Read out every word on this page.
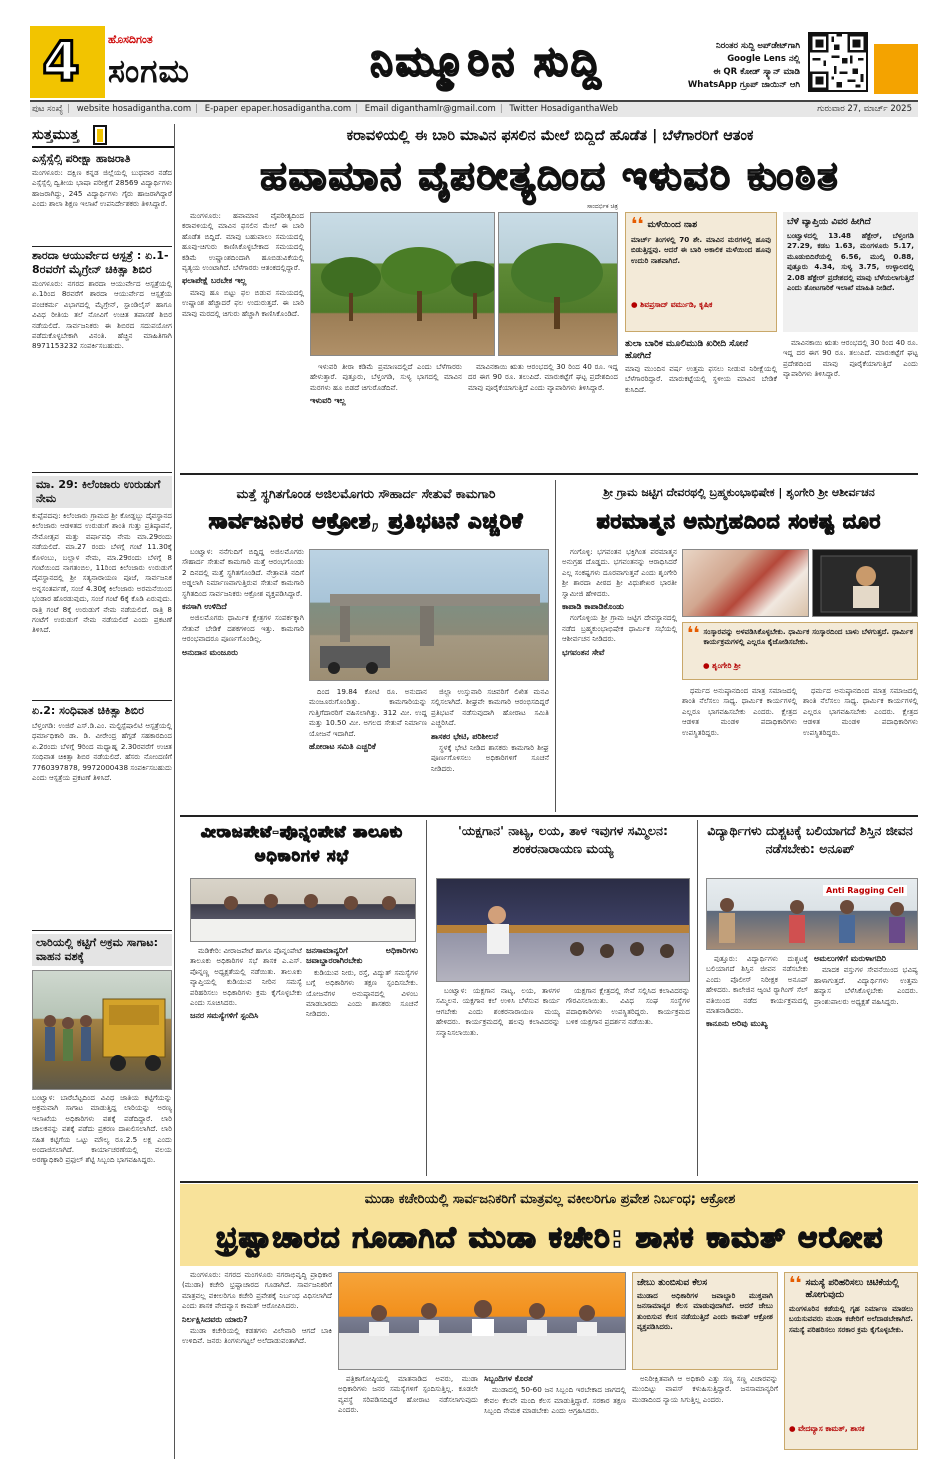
4	ಹೊಸದಿಗಂತ
ಸಂಗಮ	ನಿಮ್ಮೂರಿನ ಸುದ್ದಿ	ನಿರಂತರ ಸುದ್ದಿ ಅಪ್‌ಡೇಟ್‌ಗಾಗಿ
Google Lens ನಲ್ಲಿ
ಈ QR ಕೋಡ್ ಸ್ಕ್ಯಾನ್ ಮಾಡಿ
WhatsApp ಗ್ರೂಪ್ ಜಾಯಿನ್ ಆಗಿ
ಪುಟ ಸಂಖ್ಯೆ | website hosadigantha.com | E-paper epaper.hosadigantha.com | Email diganthamlr@gmail.com | Twitter HosadiganthaWeb	ಗುರುವಾರ 27, ಮಾರ್ಚ್ 2025
ಸುತ್ತಮುತ್ತ
ಎಸ್ಸೆಸ್ಸೆಲ್ಸಿ ಪರೀಕ್ಷಾ ಹಾಜರಾತಿ
ಮಂಗಳೂರು: ದಕ್ಷಿಣ ಕನ್ನಡ ಜಿಲ್ಲೆಯಲ್ಲಿ ಬುಧವಾರ ನಡೆದ ಎಸ್ಸೆಸ್ಸೆಲ್ಸಿ ದ್ವಿತೀಯ ಭಾಷಾ ಪರೀಕ್ಷೆಗೆ 28569 ವಿದ್ಯಾರ್ಥಿಗಳು ಹಾಜರಾಗಿದ್ದು, 245 ವಿದ್ಯಾರ್ಥಿಗಳು ಗೈರು ಹಾಜರಾಗಿದ್ದಾರೆ ಎಂದು ಶಾಲಾ ಶಿಕ್ಷಣ ಇಲಾಖೆ ಉಪನಿರ್ದೇಶಕರು ತಿಳಿಸಿದ್ದಾರೆ.
ಶಾರದಾ ಆಯುರ್ವೇದ ಆಸ್ಪತ್ರೆ : ಏ.1-8ರವರೆಗೆ ಮೈಗ್ರೇನ್ ಚಿಕಿತ್ಸಾ ಶಿಬಿರ
ಮಂಗಳೂರು: ನಗರದ ಶಾರದಾ ಆಯುರ್ವೇದ ಆಸ್ಪತ್ರೆಯಲ್ಲಿ ಏ.1ರಿಂದ 8ರವರೆಗೆ ಶಾರದಾ ಆಯುರ್ವೇದ ಆಸ್ಪತ್ರೆಯ ಪಂಚಕರ್ಮ ವಿಭಾಗದಲ್ಲಿ ಮೈಗ್ರೇನ್, ಸ್ಪಾಂಡಿಲೈಸ್ ಹಾಗೂ ವಿವಿಧ ರೀತಿಯ ತಲೆ ನೋವಿಗೆ ಉಚಿತ ತಪಾಸಣೆ ಶಿಬಿರ ನಡೆಯಲಿದೆ. ಸಾರ್ವಜನಿಕರು ಈ ಶಿಬಿರದ ಸದುಪಯೋಗ ಪಡೆದುಕೊಳ್ಳಬೇಕಾಗಿ ವಿನಂತಿ. ಹೆಚ್ಚಿನ ಮಾಹಿತಿಗಾಗಿ 8971153232 ಸಂಪರ್ಕಿಸಬಹುದು.
ಮಾ. 29: ಕಿಲೆಂಜಾರು ಉರುಡುಗೆ ನೇಮ
ಕುಪ್ಪೆಪದವು: ಕಿಲೆಂಜಾರು ಗ್ರಾಮದ ಶ್ರೀ ಕೋಡ್ದಬ್ಬು ದೈವಸ್ಥಾನದ ಕಿಲೆಂಜಾರು ಆಡಳಿತದ ಉರುಡುಗೆ ಶಾಂತಿ ಗುತ್ತು ಪ್ರತಿಷ್ಠಾಪನೆ, ನೇಮೋತ್ಸವ ಮತ್ತು ವರ್ಷಾವಧಿ ನೇಮ ಮಾ.29ರಂದು ನಡೆಯಲಿದೆ. ಮಾ.27 ರಂದು ಬೆಳಗ್ಗೆ ಗಂಟೆ 11.30ಕ್ಕೆ ಕೊಳಂಬು, ಬಲ್ಲಾಳ ನೇಮ, ಮಾ.29ರಂದು ಬೆಳಗ್ಗೆ 8 ಗಂಟೆಯಿಂದ ನಾಗತಂಬಿಲ, 11ರಿಂದ ಕಿಲೆಂಜಾರು ಉರುಡುಗೆ ದೈವಸ್ಥಾನದಲ್ಲಿ ಶ್ರೀ ಸತ್ಯನಾರಾಯಣ ಪೂಜೆ, ಸಾರ್ವಜನಿಕ ಅನ್ನಸಂತರ್ಪಣೆ, ಸಂಜೆ 4.30ಕ್ಕೆ ಕಿಲೆಂಜಾರು ಅರಮನೆಯಿಂದ ಭಂಡಾರ ಹೊರಡುವುದು, ಸಂಜೆ ಗಂಟೆ 6ಕ್ಕೆ ಕೊಡಿ ಏರುವುದು. ರಾತ್ರಿ ಗಂಟೆ 8ಕ್ಕೆ ಉರುಡುಗೆ ನೇಮ ನಡೆಯಲಿದೆ. ರಾತ್ರಿ 8 ಗಂಟೆಗೆ ಉರುಡುಗೆ ನೇಮ ನಡೆಯಲಿದೆ ಎಂದು ಪ್ರಕಟಣೆ ತಿಳಿಸಿದೆ.
ಏ.2: ಸಂಧಿವಾತ ಚಿಕಿತ್ಸಾ ಶಿಬಿರ
ಬೆಳ್ತಂಗಡಿ: ಉಜಿರೆ ಎಸ್.ಡಿ.ಎಂ. ಮಲ್ಟಿಸ್ಪೆಷಾಲಿಟಿ ಆಸ್ಪತ್ರೆಯಲ್ಲಿ ಧರ್ಮಾಧಿಕಾರಿ ಡಾ. ಡಿ. ವೀರೇಂದ್ರ ಹೆಗ್ಗಡೆ ಸಹಕಾರದಿಂದ ಏ.2ರಂದು ಬೆಳಗ್ಗೆ 9ರಿಂದ ಮಧ್ಯಾಹ್ನ 2.30ರವರೆಗೆ ಉಚಿತ ಸಂಧಿವಾತ ಚಿಕಿತ್ಸಾ ಶಿಬಿರ ನಡೆಯಲಿದೆ. ಹೆಸರು ನೋಂದಣಿಗೆ 7760397878, 9972000438 ಸಂಪರ್ಕಿಸಬಹುದು ಎಂದು ಆಸ್ಪತ್ರೆಯ ಪ್ರಕಟಣೆ ತಿಳಿಸಿದೆ.
ಲಾರಿಯಲ್ಲಿ ಕಟ್ಟಿಗೆ ಅಕ್ರಮ ಸಾಗಾಟ: ವಾಹನ ವಶಕ್ಕೆ
ಬಂಟ್ವಾಳ: ಬಾರೆಬೆಟ್ಟದಿಂದ ವಿವಿಧ ಜಾತಿಯ ಕಟ್ಟಿಗೆಯನ್ನು ಅಕ್ರಮವಾಗಿ ಸಾಗಾಟ ಮಾಡುತ್ತಿದ್ದ ಲಾರಿಯನ್ನು ಅರಣ್ಯ ಇಲಾಖೆಯ ಅಧಿಕಾರಿಗಳು ವಶಕ್ಕೆ ಪಡೆದಿದ್ದಾರೆ. ಲಾರಿ ಚಾಲಕನನ್ನು ವಶಕ್ಕೆ ಪಡೆದು ಪ್ರಕರಣ ದಾಖಲಿಸಲಾಗಿದೆ. ಲಾರಿ ಸಹಿತ ಕಟ್ಟಿಗೆಯ ಒಟ್ಟು ಮೌಲ್ಯ ರೂ.2.5 ಲಕ್ಷ ಎಂದು ಅಂದಾಜಿಸಲಾಗಿದೆ. ಕಾರ್ಯಾಚರಣೆಯಲ್ಲಿ ವಲಯ ಅರಣ್ಯಾಧಿಕಾರಿ ಪ್ರಫುಲ್ ಶೆಟ್ಟಿ ಸಿಬ್ಬಂದಿ ಭಾಗವಹಿಸಿದ್ದರು.
ಕರಾವಳಿಯಲ್ಲಿ ಈ ಬಾರಿ ಮಾವಿನ ಫಸಲಿನ ಮೇಲೆ ಬಿದ್ದಿದೆ ಹೊಡೆತ | ಬೆಳೆಗಾರರಿಗೆ ಆತಂಕ
ಹವಾಮಾನ ವೈಪರೀತ್ಯದಿಂದ ಇಳುವರಿ ಕುಂಠಿತ

ಮಂಗಳೂರು: ಹವಾಮಾನ ವೈಪರೀತ್ಯದಿಂದ ಕರಾವಳಿಯಲ್ಲಿ ಮಾವಿನ ಫಸಲಿನ ಮೇಲೆ ಈ ಬಾರಿ ಹೊಡೆತ ಬಿದ್ದಿದೆ. ಮಾವು ಬಹುಪಾಲು ಸಮಯದಲ್ಲಿ ಹೂವು-ಚಿಗುರು ಕಾಣಿಸಿಕೊಳ್ಳಬೇಕಾದ ಸಮಯದಲ್ಲಿ ಕಡಿಮೆ ಉಷ್ಣಾಂಶದಿಂದಾಗಿ ಹೂಬಿಡುವಿಕೆಯಲ್ಲಿ ವ್ಯತ್ಯಯ ಉಂಟಾಗಿದೆ. ಬೆಳೆಗಾರರು ಆತಂಕದಲ್ಲಿದ್ದಾರೆ.

ಫಲಾಪೇಕ್ಷೆ ಬರಬೇಕ ಇಲ್ಲ

ಮಾವು ಹೂ ಬಿಟ್ಟು ಫಲ ಬಿಡುವ ಸಮಯದಲ್ಲಿ ಉಷ್ಣಾಂಶ ಹೆಚ್ಚಾದರೆ ಫಲ ಉದುರುತ್ತದೆ. ಈ ಬಾರಿ ಮಾವು ಮರದಲ್ಲಿ ಚಿಗುರು ಹೆಚ್ಚಾಗಿ ಕಾಣಿಸಿಕೊಂಡಿದೆ.

ಸಾಂದರ್ಭಿಕ ಚಿತ್ರ

ಇಳುವರಿ ತೀರಾ ಕಡಿಮೆ ಪ್ರಮಾಣದಲ್ಲಿದೆ ಎಂದು ಬೆಳೆಗಾರರು ಹೇಳುತ್ತಾರೆ. ಪುತ್ತೂರು, ಬೆಳ್ತಂಗಡಿ, ಸುಳ್ಯ ಭಾಗದಲ್ಲಿ ಮಾವಿನ ಮರಗಳು ಹೂ ಬಿಡದೆ ಚಿಗುರೊಡೆದಿವೆ.

ಇಳುವರಿ ಇಲ್ಲ

ಮಾವಿನಕಾಯಿ ಋತು ಆರಂಭದಲ್ಲಿ 30 ರಿಂದ 40 ರೂ. ಇದ್ದ ದರ ಈಗ 90 ರೂ. ತಲುಪಿದೆ. ಮಾರುಕಟ್ಟೆಗೆ ಘಟ್ಟ ಪ್ರದೇಶದಿಂದ ಮಾವು ಪೂರೈಕೆಯಾಗುತ್ತಿದೆ ಎಂದು ವ್ಯಾಪಾರಿಗಳು ತಿಳಿಸಿದ್ದಾರೆ.

❛❛ ಮಳೆಯಿಂದ ನಾಶ
ಮಾರ್ಚ್ ತಿಂಗಳಲ್ಲಿ 70 ಶೇ. ಮಾವಿನ ಮರಗಳಲ್ಲಿ ಹೂವು ಬಿಡುತ್ತಿದ್ದವು. ಆದರೆ ಈ ಬಾರಿ ಅಕಾಲಿಕ ಮಳೆಯಿಂದ ಹೂವು ಉದುರಿ ನಾಶವಾಗಿದೆ.
● ಶಿವಪ್ರಸಾದ್ ವರ್ಮುಡಿ, ಕೃಷಿಕ
ತುಲಾ ಬಾರಿಕ ಮೂಲಿಮುಡಿ ಖರೀದಿ ಸೋನೆ ಹೋಗಿದೆ
ಮಾವು ಮುಂದಿನ ವರ್ಷ ಉತ್ತಮ ಫಸಲು ನೀಡುವ ನಿರೀಕ್ಷೆಯಲ್ಲಿ ಬೆಳೆಗಾರರಿದ್ದಾರೆ. ಮಾರುಕಟ್ಟೆಯಲ್ಲಿ ಸ್ಥಳೀಯ ಮಾವಿನ ಬೇಡಿಕೆ ಕುಸಿದಿದೆ.
ಬೆಳೆ ವ್ಯಾಪ್ತಿಯ ವಿವರ ಹೀಗಿದೆ
ಬಂಟ್ವಾಳದಲ್ಲಿ 13.48 ಹೆಕ್ಟೇರ್, ಬೆಳ್ತಂಗಡಿ 27.29, ಕಡಬ 1.63, ಮಂಗಳೂರು 5.17, ಮೂಡುಬಿದಿರೆಯಲ್ಲಿ 6.56, ಮುಲ್ಕಿ 0.88, ಪುತ್ತೂರು 4.34, ಸುಳ್ಯ 3.75, ಉಳ್ಳಾಲದಲ್ಲಿ 2.08 ಹೆಕ್ಟೇರ್ ಪ್ರದೇಶದಲ್ಲಿ ಮಾವು ಬೆಳೆಯಲಾಗುತ್ತಿದೆ ಎಂದು ತೋಟಗಾರಿಕೆ ಇಲಾಖೆ ಮಾಹಿತಿ ನೀಡಿದೆ.

ಮಾವಿನಕಾಯಿ ಋತು ಆರಂಭದಲ್ಲಿ 30 ರಿಂದ 40 ರೂ. ಇದ್ದ ದರ ಈಗ 90 ರೂ. ತಲುಪಿದೆ. ಮಾರುಕಟ್ಟೆಗೆ ಘಟ್ಟ ಪ್ರದೇಶದಿಂದ ಮಾವು ಪೂರೈಕೆಯಾಗುತ್ತಿದೆ ಎಂದು ವ್ಯಾಪಾರಿಗಳು ತಿಳಿಸಿದ್ದಾರೆ.

ಮತ್ತೆ ಸ್ಥಗಿತಗೊಂಡ ಅಜಿಲಮೊಗರು ಸೌಹಾರ್ದ ಸೇತುವೆ ಕಾಮಗಾರಿ
ಸಾರ್ವಜನಿಕರ ಆಕ್ರೋಶ, ಪ್ರತಿಭಟನೆ ಎಚ್ಚರಿಕೆ

ಬಂಟ್ವಾಳ: ನನೆಗುದಿಗೆ ಬಿದ್ದಿದ್ದ ಅಜಿಲಮೊಗರು ಸೌಹಾರ್ದ ಸೇತುವೆ ಕಾಮಗಾರಿ ಮತ್ತೆ ಆರಂಭಗೊಂಡು 2 ದಿನದಲ್ಲಿ ಮತ್ತೆ ಸ್ಥಗಿತಗೊಂಡಿದೆ. ನೇತ್ರಾವತಿ ನದಿಗೆ ಅಡ್ಡಲಾಗಿ ನಿರ್ಮಾಣವಾಗುತ್ತಿರುವ ಸೇತುವೆ ಕಾಮಗಾರಿ ಸ್ಥಗಿತದಿಂದ ಸಾರ್ವಜನಿಕರು ಆಕ್ರೋಶ ವ್ಯಕ್ತಪಡಿಸಿದ್ದಾರೆ.

ಕನಸಾಗಿ ಉಳಿದಿದೆ

ಅಜಿಲಮೊಗರು ಧಾರ್ಮಿಕ ಕ್ಷೇತ್ರಗಳ ಸಂಪರ್ಕಕ್ಕಾಗಿ ಸೇತುವೆ ಬೇಡಿಕೆ ದಶಕಗಳಿಂದ ಇತ್ತು. ಕಾಮಗಾರಿ ಆರಂಭವಾದರೂ ಪೂರ್ಣಗೊಂಡಿಲ್ಲ.

ಅನುದಾನ ಮಂಜೂರು

ದಿಂದ 19.84 ಕೋಟಿ ರೂ. ಅನುದಾನ ಮಂಜೂರುಗೊಂಡಿತ್ತು. ಕಾಮಗಾರಿಯನ್ನು ಗುತ್ತಿಗೆದಾರರಿಗೆ ವಹಿಸಲಾಗಿತ್ತು. 312 ಮೀ. ಉದ್ದ ಮತ್ತು 10.50 ಮೀ. ಅಗಲದ ಸೇತುವೆ ನಿರ್ಮಾಣ ಯೋಜನೆ ಇದಾಗಿದೆ.

ಹೋರಾಟ ಸಮಿತಿ ಎಚ್ಚರಿಕೆ

ಜಿಲ್ಲಾ ಉಸ್ತುವಾರಿ ಸಚಿವರಿಗೆ ಲಿಖಿತ ಮನವಿ ಸಲ್ಲಿಸಲಾಗಿದೆ. ಶೀಘ್ರವೇ ಕಾಮಗಾರಿ ಆರಂಭಿಸದಿದ್ದರೆ ಪ್ರತಿಭಟನೆ ನಡೆಸುವುದಾಗಿ ಹೋರಾಟ ಸಮಿತಿ ಎಚ್ಚರಿಸಿದೆ.

ಶಾಸಕರ ಭೇಟಿ, ಪರಿಶೀಲನೆ

ಸ್ಥಳಕ್ಕೆ ಭೇಟಿ ನೀಡಿದ ಶಾಸಕರು ಕಾಮಗಾರಿ ಶೀಘ್ರ ಪೂರ್ಣಗೊಳಿಸಲು ಅಧಿಕಾರಿಗಳಿಗೆ ಸೂಚನೆ ನೀಡಿದರು.

ಶ್ರೀ ಗ್ರಾಮ ಜಟ್ಟಿಗ ದೇವರಥಲ್ಲಿ ಬ್ರಹ್ಮಕುಂಭಾಭಿಷೇಕ | ಶೃಂಗೇರಿ ಶ್ರೀ ಆಶೀರ್ವಚನ
ಪರಮಾತ್ಮನ ಅನುಗ್ರಹದಿಂದ ಸಂಕಷ್ಟ ದೂರ

ಗಂಗೊಳ್ಳಿ: ಭಗವಂತನ ಭಕ್ತಿಗಿಂತ ಪರಮಾತ್ಮನ ಅನುಗ್ರಹ ದೊಡ್ಡದು. ಭಗವಂತನನ್ನು ಆರಾಧಿಸಿದರೆ ಎಲ್ಲ ಸಂಕಷ್ಟಗಳು ದೂರವಾಗುತ್ತವೆ ಎಂದು ಶೃಂಗೇರಿ ಶ್ರೀ ಶಾರದಾ ಪೀಠದ ಶ್ರೀ ವಿಧುಶೇಖರ ಭಾರತೀ ಸ್ವಾಮೀಜಿ ಹೇಳಿದರು.

ಕಾಪಾಡಿ ಕಾಪಾಡಿಕೊಂಡು

ಗಂಗೊಳ್ಳಿಯ ಶ್ರೀ ಗ್ರಾಮ ಜಟ್ಟಿಗ ದೇವಸ್ಥಾನದಲ್ಲಿ ನಡೆದ ಬ್ರಹ್ಮಕುಂಭಾಭಿಷೇಕ ಧಾರ್ಮಿಕ ಸಭೆಯಲ್ಲಿ ಆಶೀರ್ವಚನ ನೀಡಿದರು.

ಭಗವಂತನ ಸೇವೆ
❛❛ ಸಂಸ್ಕಾರವನ್ನು ಅಳವಡಿಸಿಕೊಳ್ಳಬೇಕು. ಧಾರ್ಮಿಕ ಸಂಸ್ಕಾರದಿಂದ ಬಾಳು ಬೆಳಗುತ್ತದೆ. ಧಾರ್ಮಿಕ ಕಾರ್ಯಕ್ರಮಗಳಲ್ಲಿ ಎಲ್ಲರೂ ಕೈಜೋಡಿಸಬೇಕು.
● ಶೃಂಗೇರಿ ಶ್ರೀ

ಧರ್ಮದ ಅನುಷ್ಠಾನದಿಂದ ಮಾತ್ರ ಸಮಾಜದಲ್ಲಿ ಶಾಂತಿ ನೆಲೆಸಲು ಸಾಧ್ಯ. ಧಾರ್ಮಿಕ ಕಾರ್ಯಗಳಲ್ಲಿ ಎಲ್ಲರೂ ಭಾಗವಹಿಸಬೇಕು ಎಂದರು. ಕ್ಷೇತ್ರದ ಆಡಳಿತ ಮಂಡಳಿ ಪದಾಧಿಕಾರಿಗಳು ಉಪಸ್ಥಿತರಿದ್ದರು.

ಧರ್ಮದ ಅನುಷ್ಠಾನದಿಂದ ಮಾತ್ರ ಸಮಾಜದಲ್ಲಿ ಶಾಂತಿ ನೆಲೆಸಲು ಸಾಧ್ಯ. ಧಾರ್ಮಿಕ ಕಾರ್ಯಗಳಲ್ಲಿ ಎಲ್ಲರೂ ಭಾಗವಹಿಸಬೇಕು ಎಂದರು. ಕ್ಷೇತ್ರದ ಆಡಳಿತ ಮಂಡಳಿ ಪದಾಧಿಕಾರಿಗಳು ಉಪಸ್ಥಿತರಿದ್ದರು.

ವೀರಾಜಪೇಟೆ-ಪೊನ್ನಂಪೇಟೆ ತಾಲೂಕು ಅಧಿಕಾರಿಗಳ ಸಭೆ

ಮಡಿಕೇರಿ: ವೀರಾಜಪೇಟೆ ಹಾಗೂ ಪೊನ್ನಂಪೇಟೆ ತಾಲೂಕು ಅಧಿಕಾರಿಗಳ ಸಭೆ ಶಾಸಕ ಎ.ಎಸ್. ಪೊನ್ನಣ್ಣ ಅಧ್ಯಕ್ಷತೆಯಲ್ಲಿ ನಡೆಯಿತು. ತಾಲೂಕು ವ್ಯಾಪ್ತಿಯಲ್ಲಿ ಕುಡಿಯುವ ನೀರಿನ ಸಮಸ್ಯೆ ಪರಿಹರಿಸಲು ಅಧಿಕಾರಿಗಳು ಕ್ರಮ ಕೈಗೊಳ್ಳಬೇಕು ಎಂದು ಸೂಚಿಸಿದರು.

ಜನರ ಸಮಸ್ಯೆಗಳಿಗೆ ಸ್ಪಂದಿಸಿ
ಜನಸಾಮಾನ್ಯರಿಗೆ ಅಧಿಕಾರಿಗಳು ಜವಾಬ್ದಾರರಾಗಿರಬೇಕು

ಕುಡಿಯುವ ನೀರು, ರಸ್ತೆ, ವಿದ್ಯುತ್ ಸಮಸ್ಯೆಗಳ ಬಗ್ಗೆ ಅಧಿಕಾರಿಗಳು ತಕ್ಷಣ ಸ್ಪಂದಿಸಬೇಕು. ಯೋಜನೆಗಳ ಅನುಷ್ಠಾನದಲ್ಲಿ ವಿಳಂಬ ಮಾಡಬಾರದು ಎಂದು ಶಾಸಕರು ಸೂಚನೆ ನೀಡಿದರು.

'ಯಕ್ಷಗಾನ' ನಾಟ್ಯ, ಲಯ, ತಾಳ ಇವುಗಳ ಸಮ್ಮಿಲನ: ಶಂಕರನಾರಾಯಣ ಮಯ್ಯ

ಬಂಟ್ವಾಳ: ಯಕ್ಷಗಾನ ನಾಟ್ಯ, ಲಯ, ತಾಳಗಳ ಸಮ್ಮಿಲನ. ಯಕ್ಷಗಾನ ಕಲೆ ಉಳಿಸಿ ಬೆಳೆಸುವ ಕಾರ್ಯ ಆಗಬೇಕು ಎಂದು ಶಂಕರನಾರಾಯಣ ಮಯ್ಯ ಹೇಳಿದರು. ಕಾರ್ಯಕ್ರಮದಲ್ಲಿ ಹಲವು ಕಲಾವಿದರನ್ನು ಸನ್ಮಾನಿಸಲಾಯಿತು.

ಯಕ್ಷಗಾನ ಕ್ಷೇತ್ರದಲ್ಲಿ ಸೇವೆ ಸಲ್ಲಿಸಿದ ಕಲಾವಿದರನ್ನು ಗೌರವಿಸಲಾಯಿತು. ವಿವಿಧ ಸಂಘ ಸಂಸ್ಥೆಗಳ ಪದಾಧಿಕಾರಿಗಳು ಉಪಸ್ಥಿತರಿದ್ದರು. ಕಾರ್ಯಕ್ರಮದ ಬಳಿಕ ಯಕ್ಷಗಾನ ಪ್ರದರ್ಶನ ನಡೆಯಿತು.

ವಿದ್ಯಾರ್ಥಿಗಳು ದುಶ್ಚಟಕ್ಕೆ ಬಲಿಯಾಗದೆ ಶಿಸ್ತಿನ ಜೀವನ ನಡೆಸಬೇಕು: ಅನೂಪ್
Anti Ragging Cell

ಪುತ್ತೂರು: ವಿದ್ಯಾರ್ಥಿಗಳು ದುಶ್ಚಟಕ್ಕೆ ಬಲಿಯಾಗದೆ ಶಿಸ್ತಿನ ಜೀವನ ನಡೆಸಬೇಕು ಎಂದು ಪೊಲೀಸ್ ನಿರೀಕ್ಷಕ ಅನೂಪ್ ಹೇಳಿದರು. ಕಾಲೇಜಿನ ಆ್ಯಂಟಿ ರ‍್ಯಾಗಿಂಗ್ ಸೆಲ್ ವತಿಯಿಂದ ನಡೆದ ಕಾರ್ಯಕ್ರಮದಲ್ಲಿ ಮಾತನಾಡಿದರು.

ಕಾನೂನು ಅರಿವು ಮುಖ್ಯ
ಅಮಲುಗಳಿಗೆ ಮರುಳಾಗದಿರಿ

ಮಾದಕ ವಸ್ತುಗಳ ಸೇವನೆಯಿಂದ ಭವಿಷ್ಯ ಹಾಳಾಗುತ್ತದೆ. ವಿದ್ಯಾರ್ಥಿಗಳು ಉತ್ತಮ ಹವ್ಯಾಸ ಬೆಳೆಸಿಕೊಳ್ಳಬೇಕು ಎಂದರು. ಪ್ರಾಂಶುಪಾಲರು ಅಧ್ಯಕ್ಷತೆ ವಹಿಸಿದ್ದರು.

ಮುಡಾ ಕಚೇರಿಯಲ್ಲಿ ಸಾರ್ವಜನಿಕರಿಗೆ ಮಾತ್ರವಲ್ಲ ವಕೀಲರಿಗೂ ಪ್ರವೇಶ ನಿರ್ಬಂಧ; ಆಕ್ರೋಶ
ಭ್ರಷ್ಟಾಚಾರದ ಗೂಡಾಗಿದೆ ಮುಡಾ ಕಚೇರಿ: ಶಾಸಕ ಕಾಮತ್ ಆರೋಪ

ಮಂಗಳೂರು: ನಗರದ ಮಂಗಳೂರು ನಗರಾಭಿವೃದ್ಧಿ ಪ್ರಾಧಿಕಾರ (ಮುಡಾ) ಕಚೇರಿ ಭ್ರಷ್ಟಾಚಾರದ ಗೂಡಾಗಿದೆ. ಸಾರ್ವಜನಿಕರಿಗೆ ಮಾತ್ರವಲ್ಲ ವಕೀಲರಿಗೂ ಕಚೇರಿ ಪ್ರವೇಶಕ್ಕೆ ನಿರ್ಬಂಧ ವಿಧಿಸಲಾಗಿದೆ ಎಂದು ಶಾಸಕ ವೇದವ್ಯಾಸ ಕಾಮತ್ ಆರೋಪಿಸಿದರು.

ನಿರ್ಲಕ್ಷಿಸಿದವರು ಯಾರು?

ಮುಡಾ ಕಚೇರಿಯಲ್ಲಿ ಕಡತಗಳು ವಿಲೇವಾರಿ ಆಗದೆ ಬಾಕಿ ಉಳಿದಿವೆ. ಜನರು ತಿಂಗಳುಗಟ್ಟಲೆ ಅಲೆದಾಡುವಂತಾಗಿದೆ.

ಪತ್ರಿಕಾಗೋಷ್ಠಿಯಲ್ಲಿ ಮಾತನಾಡಿದ ಅವರು, ಮುಡಾ ಅಧಿಕಾರಿಗಳು ಜನರ ಸಮಸ್ಯೆಗಳಿಗೆ ಸ್ಪಂದಿಸುತ್ತಿಲ್ಲ. ಕೂಡಲೇ ವ್ಯವಸ್ಥೆ ಸರಿಪಡಿಸದಿದ್ದರೆ ಹೋರಾಟ ನಡೆಸಲಾಗುವುದು ಎಂದರು.

ಸಿಬ್ಬಂದಿಗಳ ಕೊರತೆ

ಮುಡಾದಲ್ಲಿ 50-60 ಜನ ಸಿಬ್ಬಂದಿ ಇರಬೇಕಾದ ಜಾಗದಲ್ಲಿ ಕೇವಲ ಕೆಲವೇ ಮಂದಿ ಕೆಲಸ ಮಾಡುತ್ತಿದ್ದಾರೆ. ಸರಕಾರ ತಕ್ಷಣ ಸಿಬ್ಬಂದಿ ನೇಮಕ ಮಾಡಬೇಕು ಎಂದು ಆಗ್ರಹಿಸಿದರು.

ಜೇಬು ತುಂಬಿಸುವ ಕೆಲಸ
ಮುಡಾದ ಅಧಿಕಾರಿಗಳ ಜವಾಬ್ದಾರಿ ಮುಕ್ತವಾಗಿ ಜನಸಾಮಾನ್ಯರ ಕೆಲಸ ಮಾಡುವುದಾಗಿದೆ. ಆದರೆ ಜೇಬು ತುಂಬಿಸುವ ಕೆಲಸ ನಡೆಯುತ್ತಿದೆ ಎಂದು ಕಾಮತ್ ಆಕ್ರೋಶ ವ್ಯಕ್ತಪಡಿಸಿದರು.

ಅನಿರೀಕ್ಷಿತವಾಗಿ ಆ ಅಧಿಕಾರಿ ಎತ್ತು ಸಣ್ಣ ಸಣ್ಣ ವಿಚಾರವನ್ನು ಮುಂದಿಟ್ಟು ವಾಪಸ್ ಕಳುಹಿಸುತ್ತಿದ್ದಾರೆ. ಜನಸಾಮಾನ್ಯರಿಗೆ ಮುಡಾದಿಂದ ನ್ಯಾಯ ಸಿಗುತ್ತಿಲ್ಲ ಎಂದರು.

❛❛ ಸಮಸ್ಯೆ ಪರಿಹರಿಸಲು ಚಿಟಿಕೆಯಲ್ಲಿ ಹೋಗುವುದು
ಮಂಗಳೂರಿನ ಕಡೆಯಲ್ಲಿ ಗೃಹ ನಿರ್ಮಾಣ ಮಾಡಲು ಬಯಸುವವರು ಮುಡಾ ಕಚೇರಿಗೆ ಅಲೆದಾಡಬೇಕಾಗಿದೆ. ಸಮಸ್ಯೆ ಪರಿಹರಿಸಲು ಸರಕಾರ ಕ್ರಮ ಕೈಗೊಳ್ಳಬೇಕು.
● ವೇದವ್ಯಾಸ ಕಾಮತ್, ಶಾಸಕ
